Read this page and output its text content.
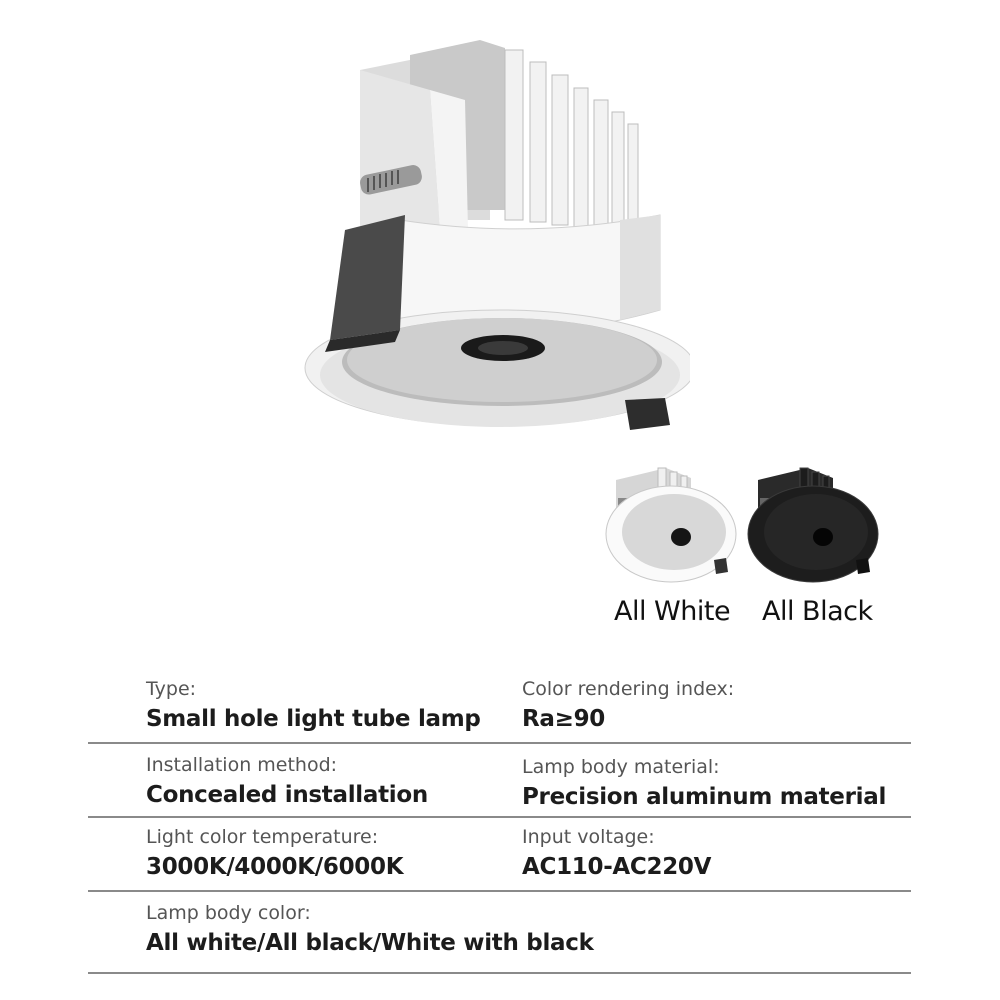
All White All Black
Type:
Small hole light tube lamp
Color rendering index:
Ra≥90
Installation method:
Concealed installation
Lamp body material:
Precision aluminum material
Light color temperature:
3000K/4000K/6000K
Input voltage:
AC110-AC220V
Lamp body color:
All white/All black/White with black
